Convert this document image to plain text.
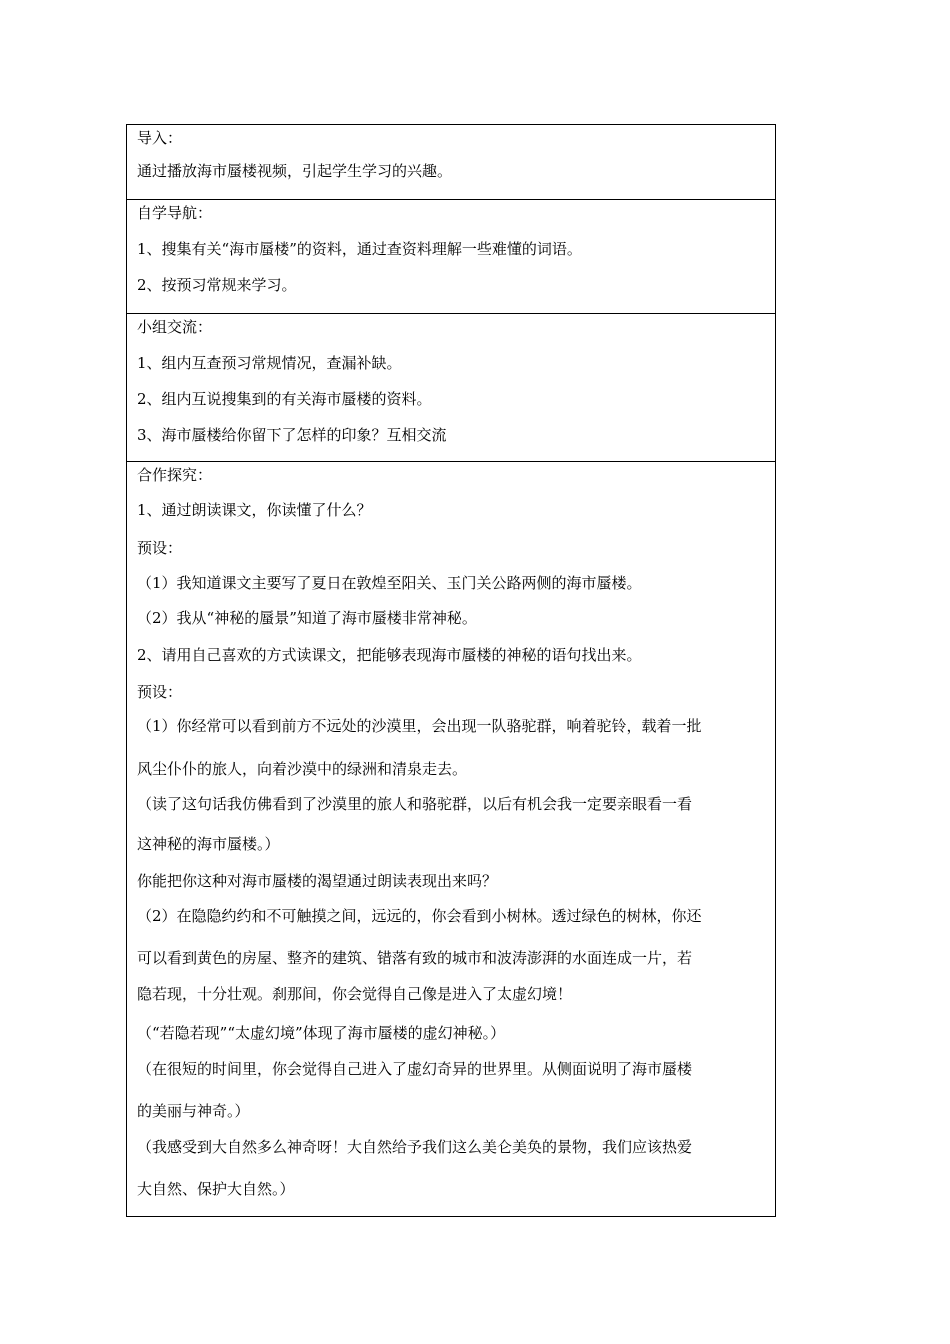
导入：

通过播放海市蜃楼视频，引起学生学习的兴趣。

自学导航：

1、搜集有关“海市蜃楼”的资料，通过查资料理解一些难懂的词语。

2、按预习常规来学习。

小组交流：

1、组内互查预习常规情况，查漏补缺。

2、组内互说搜集到的有关海市蜃楼的资料。

3、海市蜃楼给你留下了怎样的印象？互相交流

合作探究：

1、通过朗读课文，你读懂了什么？

预设：

（1）我知道课文主要写了夏日在敦煌至阳关、玉门关公路两侧的海市蜃楼。

（2）我从“神秘的蜃景”知道了海市蜃楼非常神秘。

2、请用自己喜欢的方式读课文，把能够表现海市蜃楼的神秘的语句找出来。

预设：

（1）你经常可以看到前方不远处的沙漠里，会出现一队骆驼群，响着驼铃，载着一批

风尘仆仆的旅人，向着沙漠中的绿洲和清泉走去。

（读了这句话我仿佛看到了沙漠里的旅人和骆驼群，以后有机会我一定要亲眼看一看

这神秘的海市蜃楼。）

你能把你这种对海市蜃楼的渴望通过朗读表现出来吗？

（2）在隐隐约约和不可触摸之间，远远的，你会看到小树林。透过绿色的树林，你还

可以看到黄色的房屋、整齐的建筑、错落有致的城市和波涛澎湃的水面连成一片，若

隐若现，十分壮观。刹那间，你会觉得自己像是进入了太虚幻境！

（“若隐若现”“太虚幻境”体现了海市蜃楼的虚幻神秘。）

（在很短的时间里，你会觉得自己进入了虚幻奇异的世界里。从侧面说明了海市蜃楼

的美丽与神奇。）

（我感受到大自然多么神奇呀！大自然给予我们这么美仑美奂的景物，我们应该热爱

大自然、保护大自然。）
